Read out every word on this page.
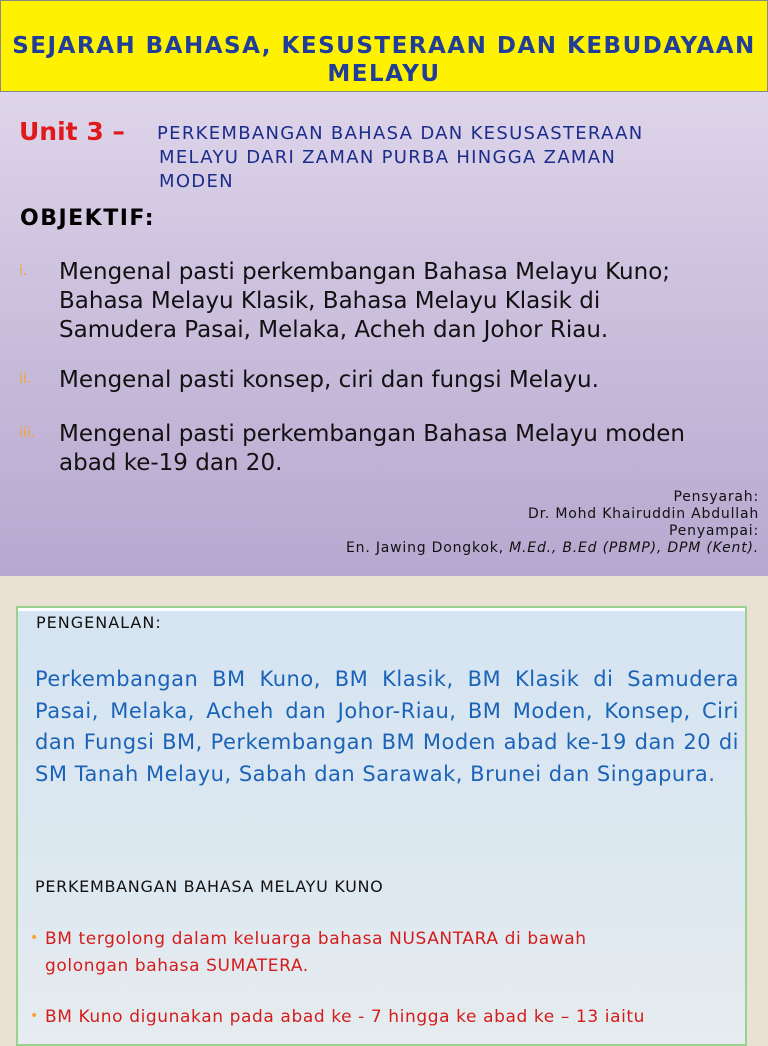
SEJARAH BAHASA, KESUSTERAAN DAN KEBUDAYAAN
MELAYU

Unit 3 – PERKEMBANGAN BAHASA DAN KESUSASTERAAN
MELAYU DARI ZAMAN PURBA HINGGA ZAMAN
MODEN

OBJEKTIF:

i. Mengenal pasti perkembangan Bahasa Melayu Kuno;
Bahasa Melayu Klasik, Bahasa Melayu Klasik di
Samudera Pasai, Melaka, Acheh dan Johor Riau.
ii. Mengenal pasti konsep, ciri dan fungsi Melayu.
iii. Mengenal pasti perkembangan Bahasa Melayu moden
abad ke-19 dan 20.

Pensyarah:
Dr. Mohd Khairuddin Abdullah
Penyampai:
En. Jawing Dongkok, M.Ed., B.Ed (PBMP), DPM (Kent).

PENGENALAN:

Perkembangan BM Kuno, BM Klasik, BM Klasik di Samudera Pasai, Melaka, Acheh dan Johor-Riau, BM Moden, Konsep, Ciri dan Fungsi BM, Perkembangan BM Moden abad ke-19 dan 20 di SM Tanah Melayu, Sabah dan Sarawak, Brunei dan Singapura.

PERKEMBANGAN BAHASA MELAYU KUNO

• BM tergolong dalam keluarga bahasa NUSANTARA di bawah
golongan bahasa SUMATERA.
• BM Kuno digunakan pada abad ke - 7 hingga ke abad ke – 13 iaitu
